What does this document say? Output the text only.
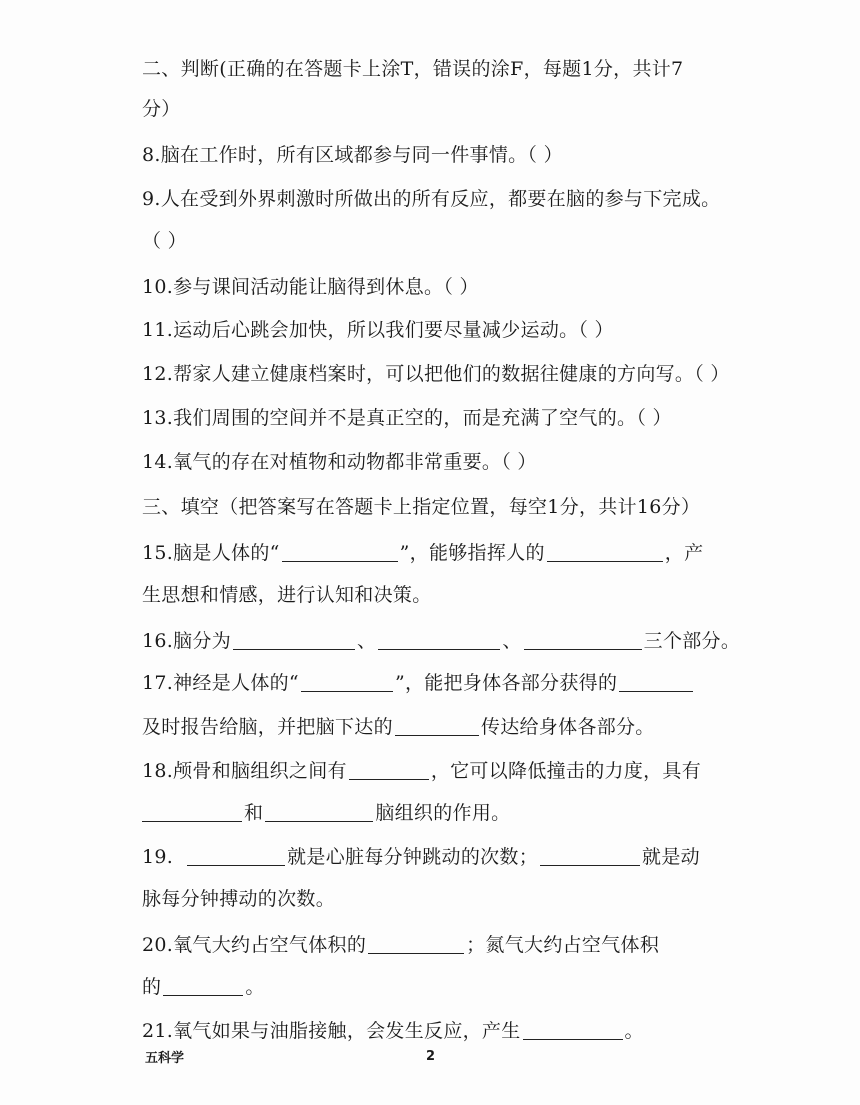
二、判断(正确的在答题卡上涂T，错误的涂F，每题1分，共计7
分）
8.脑在工作时，所有区域都参与同一件事情。（ ）
9.人在受到外界刺激时所做出的所有反应，都要在脑的参与下完成。
（ ）
10.参与课间活动能让脑得到休息。（ ）
11.运动后心跳会加快，所以我们要尽量减少运动。（ ）
12.帮家人建立健康档案时，可以把他们的数据往健康的方向写。（ ）
13.我们周围的空间并不是真正空的，而是充满了空气的。（ ）
14.氧气的存在对植物和动物都非常重要。（ ）
三、填空（把答案写在答题卡上指定位置，每空1分，共计16分）
15.脑是人体的“	”，能够指挥人的	，产
生思想和情感，进行认知和决策。
16.脑分为	、	、	三个部分。
17.神经是人体的“	”，能把身体各部分获得的
及时报告给脑，并把脑下达的	传达给身体各部分。
18.颅骨和脑组织之间有	，它可以降低撞击的力度，具有
和	脑组织的作用。
19.	就是心脏每分钟跳动的次数；	就是动
脉每分钟搏动的次数。
20.氧气大约占空气体积的	；氮气大约占空气体积
的	。
21.氧气如果与油脂接触，会发生反应，产生	。
五科学	2
